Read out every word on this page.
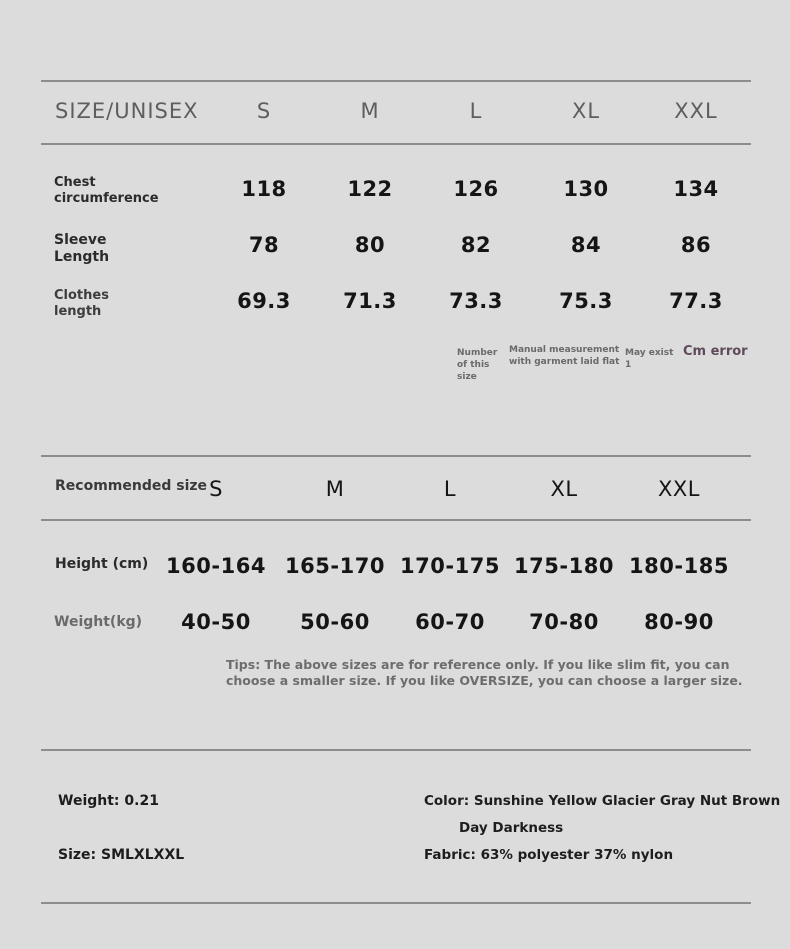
SIZE/UNISEX	S	M	L	XL	XXL
Chest
circumference	118	122	126	130	134
Sleeve
Length	78	80	82	84	86
Clothes
length	69.3	71.3	73.3	75.3	77.3
Number
of this
size
Manual measurement
with garment laid flat
May exist
1
Cm error
Recommended size S	M	L	XL	XXL
Height (cm) 160-164 165-170 170-175 175-180 180-185
Weight(kg)	40-50	50-60	60-70	70-80	80-90
Tips: The above sizes are for reference only. If you like slim fit, you can choose a smaller size. If you like OVERSIZE, you can choose a larger size.
Weight: 0.21
Size: SMLXLXXL
Color: Sunshine Yellow Glacier Gray Nut Brown
Day Darkness
Fabric: 63% polyester 37% nylon
